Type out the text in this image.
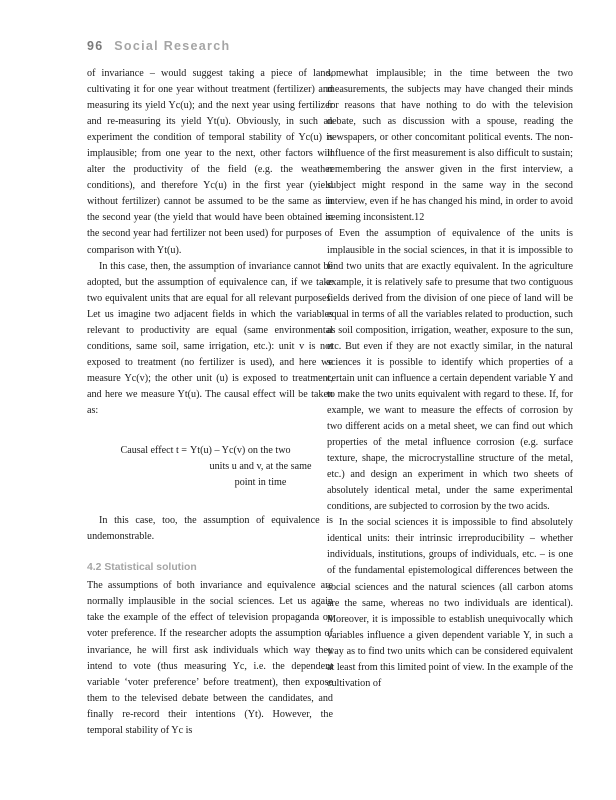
96 Social Research

of invariance – would suggest taking a piece of land, cultivating it for one year without treatment (fertilizer) and measuring its yield Yc(u); and the next year using fertilizer and re-measuring its yield Yt(u). Obviously, in such an experiment the condition of temporal stability of Yc(u) is implausible; from one year to the next, other factors will alter the productivity of the field (e.g. the weather conditions), and therefore Yc(u) in the first year (yield without fertilizer) cannot be assumed to be the same as in the second year (the yield that would have been obtained in the second year had fertilizer not been used) for purposes of comparison with Yt(u).

In this case, then, the assumption of invariance cannot be adopted, but the assumption of equivalence can, if we take two equivalent units that are equal for all relevant purposes. Let us imagine two adjacent fields in which the variables relevant to productivity are equal (same environmental conditions, same soil, same irrigation, etc.): unit v is not exposed to treatment (no fertilizer is used), and here we measure Yc(v); the other unit (u) is exposed to treatment, and here we measure Yt(u). The causal effect will be taken as:

Causal effect t = Yt(u) – Yc(v) on the two
units u and v, at the same
point in time

In this case, too, the assumption of equivalence is undemonstrable.

4.2 Statistical solution

The assumptions of both invariance and equivalence are normally implausible in the social sciences. Let us again take the example of the effect of television propaganda on voter preference. If the researcher adopts the assumption of invariance, he will first ask individuals which way they intend to vote (thus measuring Yc, i.e. the dependent variable ‘voter preference’ before treatment), then expose them to the televised debate between the candidates, and finally re-record their intentions (Yt). However, the temporal stability of Yc is

somewhat implausible; in the time between the two measurements, the subjects may have changed their minds for reasons that have nothing to do with the television debate, such as discussion with a spouse, reading the newspapers, or other concomitant political events. The non-influence of the first measurement is also difficult to sustain; remembering the answer given in the first interview, a subject might respond in the same way in the second interview, even if he has changed his mind, in order to avoid seeming inconsistent.12

Even the assumption of equivalence of the units is implausible in the social sciences, in that it is impossible to find two units that are exactly equivalent. In the agriculture example, it is relatively safe to presume that two contiguous fields derived from the division of one piece of land will be equal in terms of all the variables related to production, such as soil composition, irrigation, weather, exposure to the sun, etc. But even if they are not exactly similar, in the natural sciences it is possible to identify which properties of a certain unit can influence a certain dependent variable Y and to make the two units equivalent with regard to these. If, for example, we want to measure the effects of corrosion by two different acids on a metal sheet, we can find out which properties of the metal influence corrosion (e.g. surface texture, shape, the microcrystalline structure of the metal, etc.) and design an experiment in which two sheets of absolutely identical metal, under the same experimental conditions, are subjected to corrosion by the two acids.

In the social sciences it is impossible to find absolutely identical units: their intrinsic irreproducibility – whether individuals, institutions, groups of individuals, etc. – is one of the fundamental epistemological differences between the social sciences and the natural sciences (all carbon atoms are the same, whereas no two individuals are identical). Moreover, it is impossible to establish unequivocally which variables influence a given dependent variable Y, in such a way as to find two units which can be considered equivalent at least from this limited point of view. In the example of the cultivation of
